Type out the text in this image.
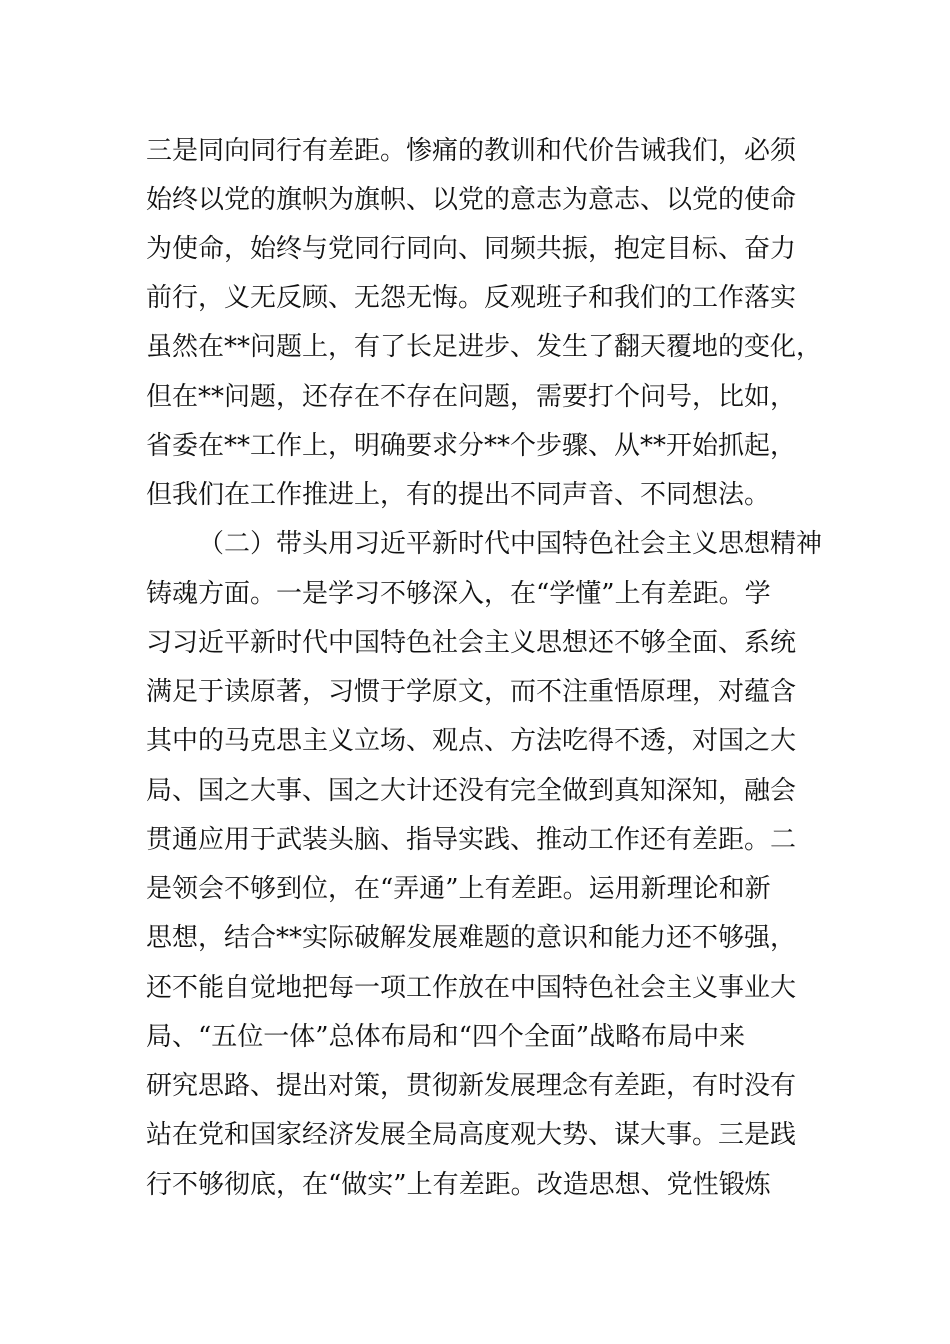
三是同向同行有差距。惨痛的教训和代价告诫我们，必须
始终以党的旗帜为旗帜、以党的意志为意志、以党的使命
为使命，始终与党同行同向、同频共振，抱定目标、奋力
前行，义无反顾、无怨无悔。反观班子和我们的工作落实
虽然在**问题上，有了长足进步、发生了翻天覆地的变化，
但在**问题，还存在不存在问题，需要打个问号，比如，
省委在**工作上，明确要求分**个步骤、从**开始抓起，
但我们在工作推进上，有的提出不同声音、不同想法。
（二）带头用习近平新时代中国特色社会主义思想精神
铸魂方面。一是学习不够深入，在“学懂”上有差距。学
习习近平新时代中国特色社会主义思想还不够全面、系统
满足于读原著，习惯于学原文，而不注重悟原理，对蕴含
其中的马克思主义立场、观点、方法吃得不透，对国之大
局、国之大事、国之大计还没有完全做到真知深知，融会
贯通应用于武装头脑、指导实践、推动工作还有差距。二
是领会不够到位，在“弄通”上有差距。运用新理论和新
思想，结合**实际破解发展难题的意识和能力还不够强，
还不能自觉地把每一项工作放在中国特色社会主义事业大
局、“五位一体”总体布局和“四个全面”战略布局中来
研究思路、提出对策，贯彻新发展理念有差距，有时没有
站在党和国家经济发展全局高度观大势、谋大事。三是践
行不够彻底，在“做实”上有差距。改造思想、党性锻炼
